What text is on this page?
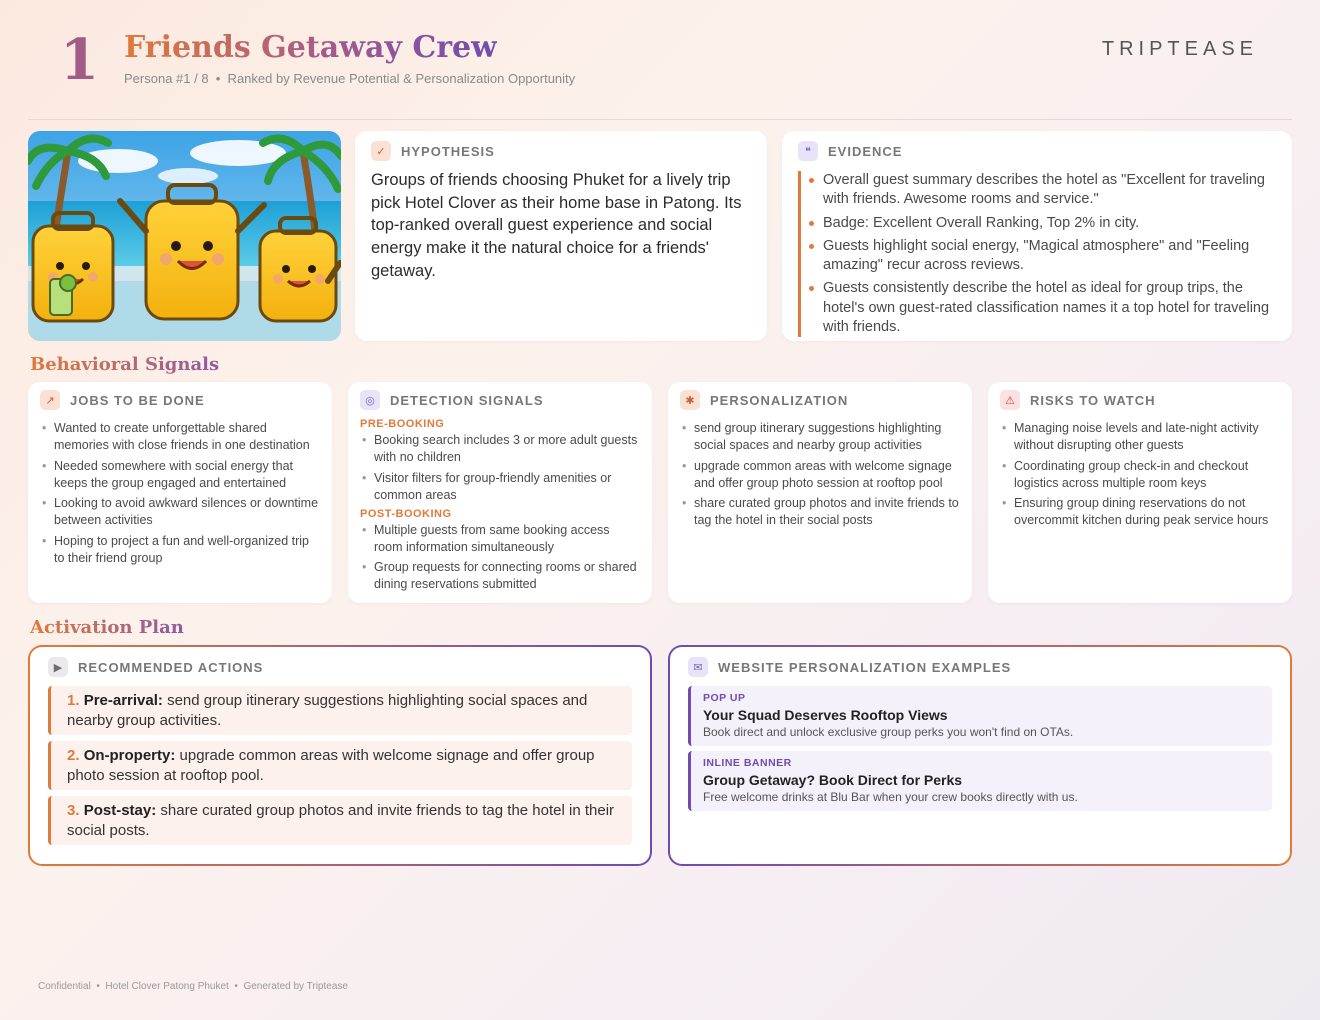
1 Friends Getaway Crew
Persona #1 / 8  •  Ranked by Revenue Potential & Personalization Opportunity
TRIPTEASE
✓	HYPOTHESIS
Groups of friends choosing Phuket for a lively trip pick Hotel Clover as their home base in Patong. Its top-ranked overall guest experience and social energy make it the natural choice for a friends' getaway.
❝	EVIDENCE
Overall guest summary describes the hotel as "Excellent for traveling with friends. Awesome rooms and service."
Badge: Excellent Overall Ranking, Top 2% in city.
Guests highlight social energy, "Magical atmosphere" and "Feeling amazing" recur across reviews.
Guests consistently describe the hotel as ideal for group trips, the hotel's own guest-rated classification names it a top hotel for traveling with friends.
Behavioral Signals
↗	JOBS TO BE DONE
• Wanted to create unforgettable shared memories with close friends in one destination
• Needed somewhere with social energy that keeps the group engaged and entertained
• Looking to avoid awkward silences or downtime between activities
• Hoping to project a fun and well-organized trip to their friend group
◎	DETECTION SIGNALS
PRE-BOOKING
• Booking search includes 3 or more adult guests with no children
• Visitor filters for group-friendly amenities or common areas
POST-BOOKING
• Multiple guests from same booking access room information simultaneously
• Group requests for connecting rooms or shared dining reservations submitted
✱	PERSONALIZATION
• send group itinerary suggestions highlighting social spaces and nearby group activities
• upgrade common areas with welcome signage and offer group photo session at rooftop pool
• share curated group photos and invite friends to tag the hotel in their social posts
⚠	RISKS TO WATCH
• Managing noise levels and late-night activity without disrupting other guests
• Coordinating group check-in and checkout logistics across multiple room keys
• Ensuring group dining reservations do not overcommit kitchen during peak service hours
Activation Plan
▶	RECOMMENDED ACTIONS
1. Pre-arrival: send group itinerary suggestions highlighting social spaces and nearby group activities.
2. On-property: upgrade common areas with welcome signage and offer group photo session at rooftop pool.
3. Post-stay: share curated group photos and invite friends to tag the hotel in their social posts.
✉	WEBSITE PERSONALIZATION EXAMPLES
POP UP
Your Squad Deserves Rooftop Views
Book direct and unlock exclusive group perks you won't find on OTAs.
INLINE BANNER
Group Getaway? Book Direct for Perks
Free welcome drinks at Blu Bar when your crew books directly with us.
Confidential  •  Hotel Clover Patong Phuket  •  Generated by Triptease
